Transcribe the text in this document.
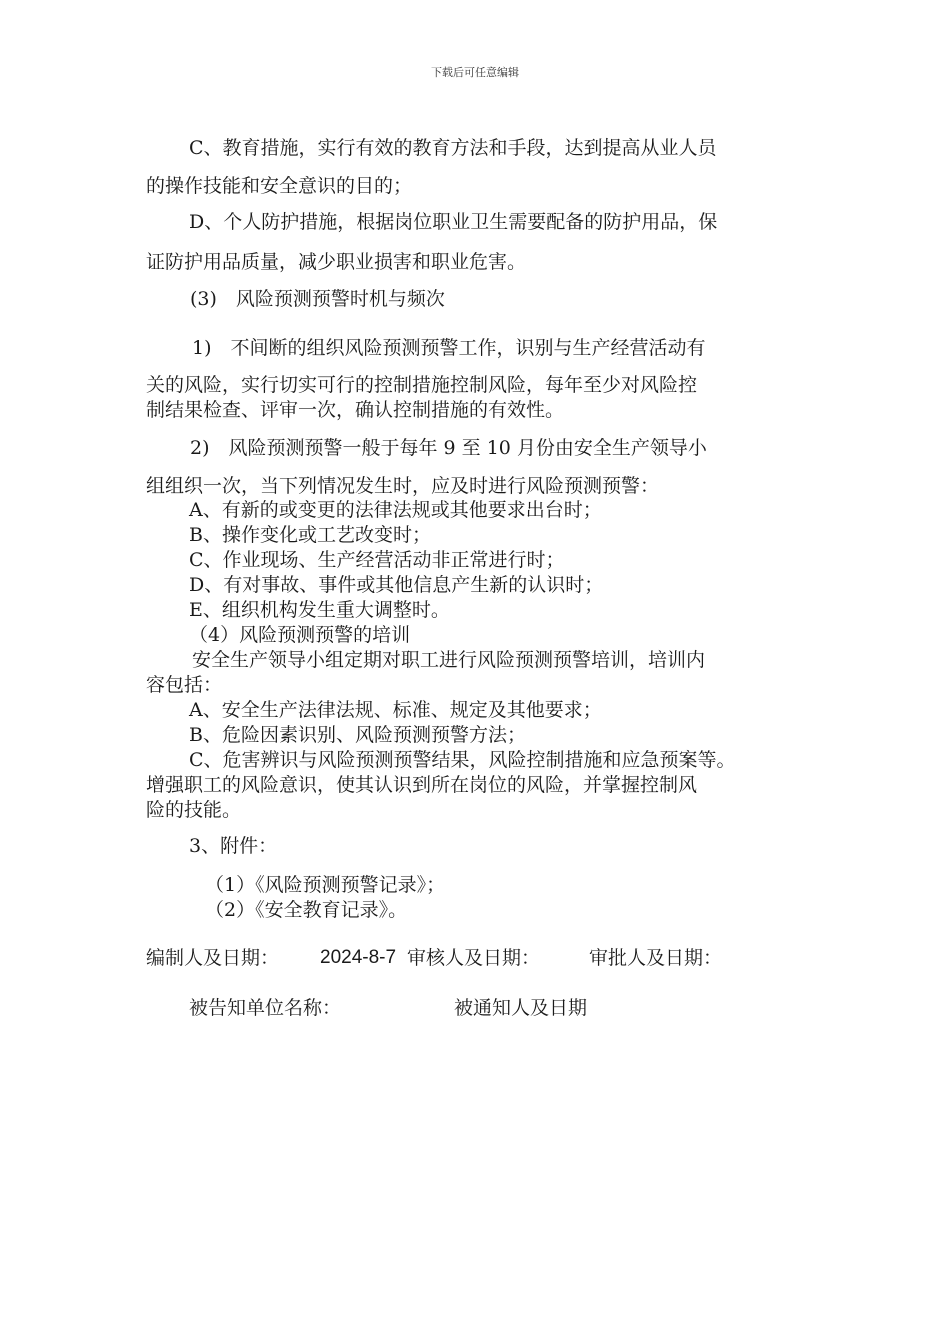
下载后可任意编辑
C、教育措施，实行有效的教育方法和手段，达到提高从业人员
的操作技能和安全意识的目的；
D、个人防护措施，根据岗位职业卫生需要配备的防护用品，保
证防护用品质量，减少职业损害和职业危害。
(3)　风险预测预警时机与频次
1)　不间断的组织风险预测预警工作，识别与生产经营活动有
关的风险，实行切实可行的控制措施控制风险，每年至少对风险控
制结果检查、评审一次，确认控制措施的有效性。
2)　风险预测预警一般于每年 9 至 10 月份由安全生产领导小
组组织一次，当下列情况发生时，应及时进行风险预测预警：
A、有新的或变更的法律法规或其他要求出台时；
B、操作变化或工艺改变时；
C、作业现场、生产经营活动非正常进行时；
D、有对事故、事件或其他信息产生新的认识时；
E、组织机构发生重大调整时。
（4）风险预测预警的培训
安全生产领导小组定期对职工进行风险预测预警培训，培训内
容包括：
A、安全生产法律法规、标准、规定及其他要求；
B、危险因素识别、风险预测预警方法；
C、危害辨识与风险预测预警结果，风险控制措施和应急预案等。
增强职工的风险意识，使其认识到所在岗位的风险，并掌握控制风
险的技能。
3、附件：
（1）《风险预测预警记录》；
（2）《安全教育记录》。
编制人及日期： 2024-8-7 审核人及日期：	审批人及日期：
被告知单位名称：	被通知人及日期
